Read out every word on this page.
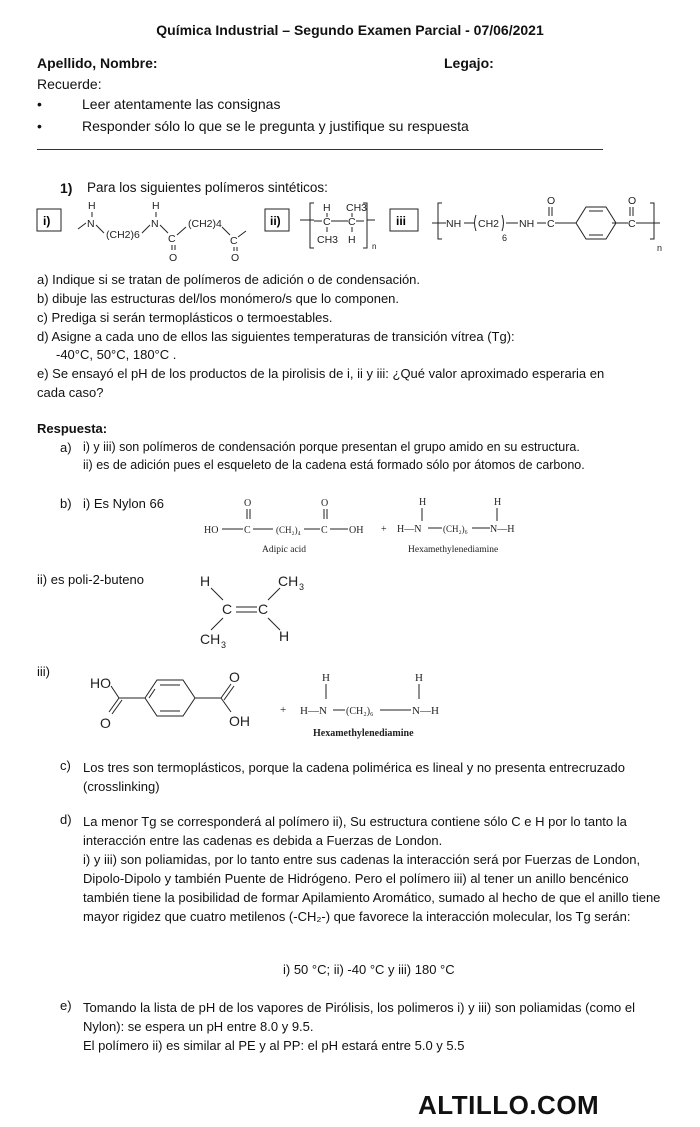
Química Industrial – Segundo Examen Parcial - 07/06/2021
Apellido, Nombre:	Legajo:
Recuerde:
•	Leer atentamente las consignas
•	Responder sólo lo que se le pregunta y justifique su respuesta
1) Para los siguientes polímeros sintéticos:
i)
H
N
(CH2)6
H
N
C
O
(CH2)4
C
O
ii)
H CH3
C C
CH3 H
n
iii	NH CH2
6
NH C
O
C
O
n
a) Indique si se tratan de polímeros de adición o de condensación.
b) dibuje las estructuras del/los monómero/s que lo componen.
c) Prediga si serán termoplásticos o termoestables.
d) Asigne a cada uno de ellos las siguientes temperaturas de transición vítrea (Tg):
-40°C, 50°C, 180°C .
e) Se ensayó el pH de los productos de la pirolisis de i, ii y iii: ¿Qué valor aproximado esperaria en
cada caso?
Respuesta:
a) i) y iii) son polímeros de condensación porque presentan el grupo amido en su estructura.
ii) es de adición pues el esqueleto de la cadena está formado sólo por átomos de carbono.
b) i) Es Nylon 66	O	O
HO	C	(CH₂)₄ C OH
Adipic acid
+
H	H
H—N (CH₂)₆ N—H
Hexamethylenediamine
ii) es poli-2-buteno	H
C C
CH 3
CH 3
H
iii)
HO
O
O
OH
+
H	H
H—N (CH₂)₆	N—H
Hexamethylenediamine
c) Los tres son termoplásticos, porque la cadena polimérica es lineal y no presenta entrecruzado (crosslinking)
d) La menor Tg se corresponderá al polímero ii), Su estructura contiene sólo C e H por lo tanto la interacción entre las cadenas es debida a Fuerzas de London.
i) y iii) son poliamidas, por lo tanto entre sus cadenas la interacción será por Fuerzas de London, Dipolo-Dipolo y también Puente de Hidrógeno. Pero el polímero iii) al tener un anillo bencénico también tiene la posibilidad de formar Apilamiento Aromático, sumado al hecho de que el anillo tiene mayor rigidez que cuatro metilenos (-CH₂-) que favorece la interacción molecular, los Tg serán:
i) 50 °C; ii) -40 °C y iii) 180 °C
e) Tomando la lista de pH de los vapores de Pirólisis, los polimeros i) y iii) son poliamidas (como el Nylon): se espera un pH entre 8.0 y 9.5.
El polímero ii) es similar al PE y al PP: el pH estará entre 5.0 y 5.5
ALTILLO.COM
